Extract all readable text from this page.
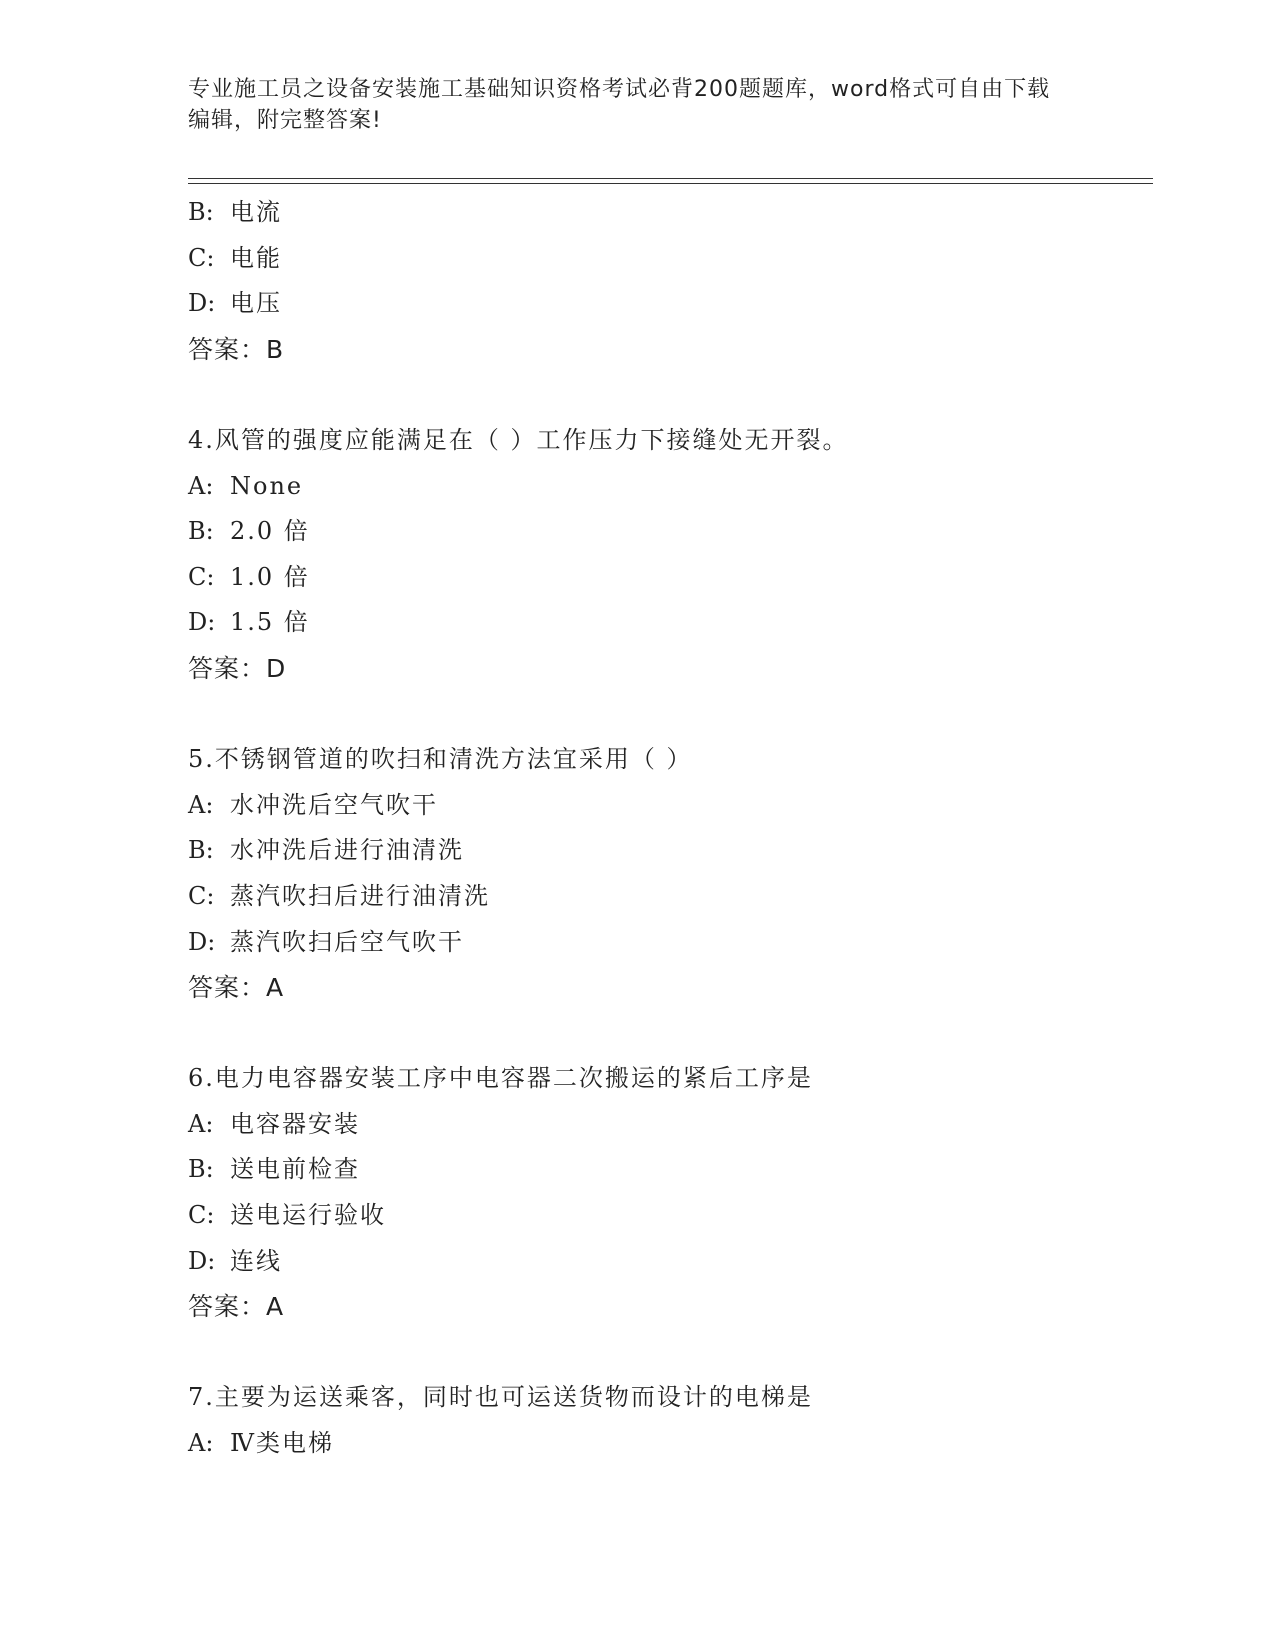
专业施工员之设备安装施工基础知识资格考试必背200题题库，word格式可自由下载编辑，附完整答案!
B: 电流
C: 电能
D: 电压
答案：B
4.风管的强度应能满足在（ ）工作压力下接缝处无开裂。
A: None
B: 2.0 倍
C: 1.0 倍
D: 1.5 倍
答案：D
5.不锈钢管道的吹扫和清洗方法宜采用（ ）
A: 水冲洗后空气吹干
B: 水冲洗后进行油清洗
C: 蒸汽吹扫后进行油清洗
D: 蒸汽吹扫后空气吹干
答案：A
6.电力电容器安装工序中电容器二次搬运的紧后工序是
A: 电容器安装
B: 送电前检查
C: 送电运行验收
D: 连线
答案：A
7.主要为运送乘客，同时也可运送货物而设计的电梯是
A: Ⅳ类电梯
